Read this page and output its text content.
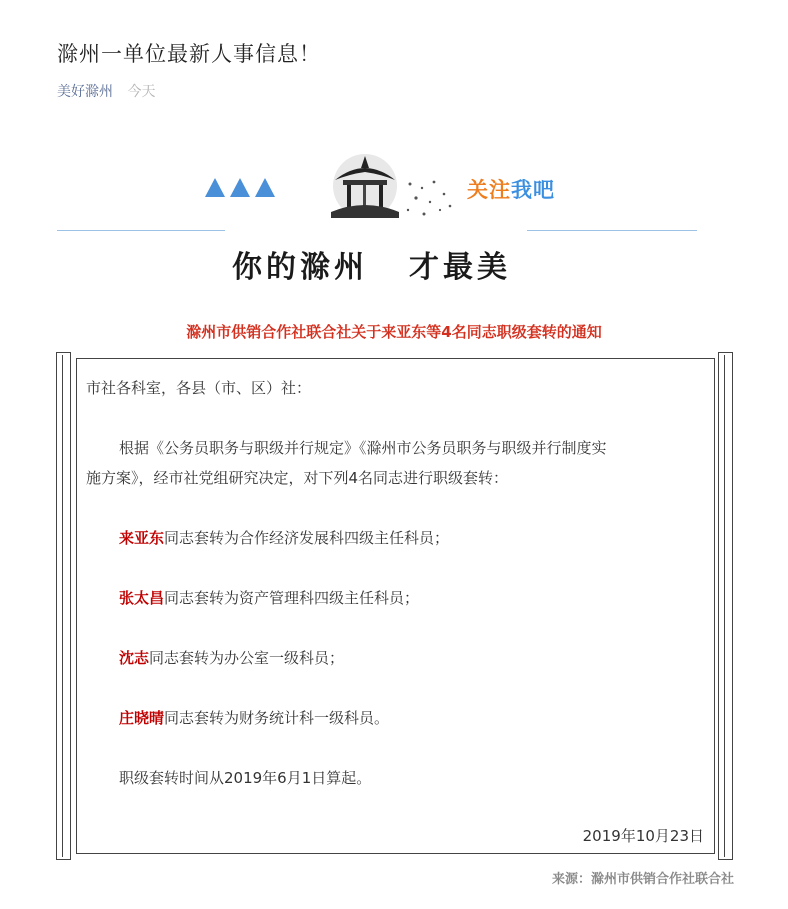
滁州一单位最新人事信息！
美好滁州 今天
关注我吧
你的滁州 才最美
滁州市供销合作社联合社关于来亚东等4名同志职级套转的通知
市社各科室，各县（市、区）社：
根据《公务员职务与职级并行规定》《滁州市公务员职务与职级并行制度实
施方案》，经市社党组研究决定，对下列4名同志进行职级套转：
来亚东同志套转为合作经济发展科四级主任科员；
张太昌同志套转为资产管理科四级主任科员；
沈志同志套转为办公室一级科员；
庄晓晴同志套转为财务统计科一级科员。
职级套转时间从2019年6月1日算起。
2019年10月23日
来源：滁州市供销合作社联合社
